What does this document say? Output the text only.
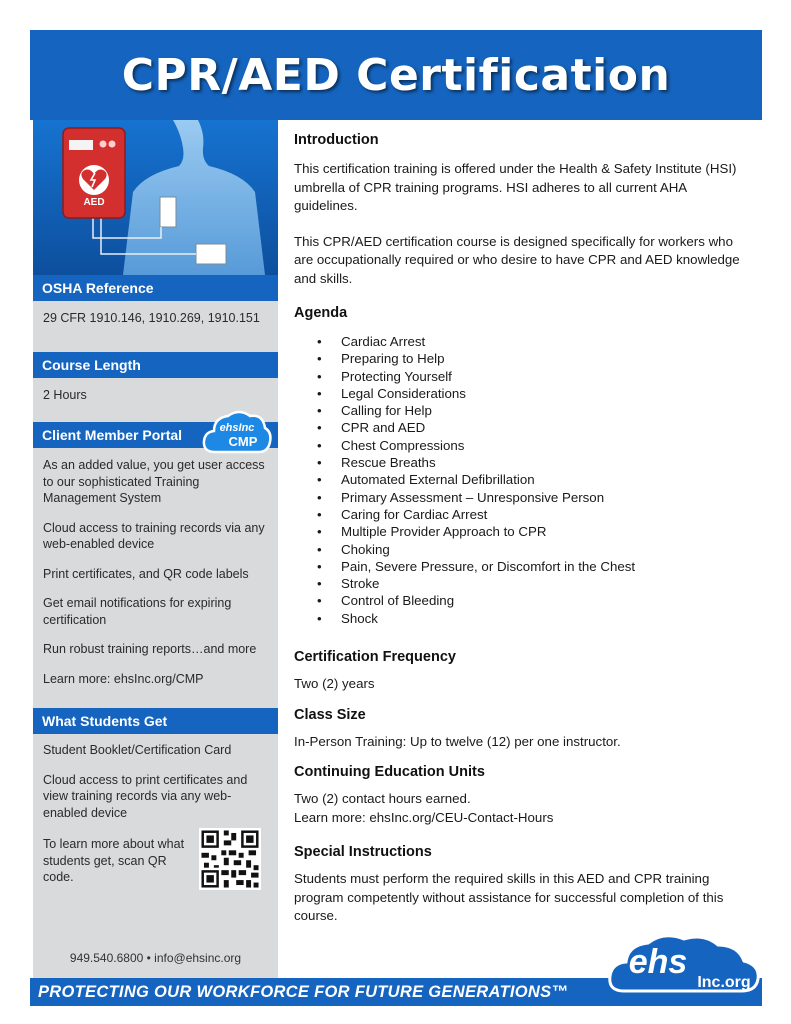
CPR/AED Certification
AED
OSHA Reference
29 CFR 1910.146, 1910.269, 1910.151
Course Length
2 Hours
Client Member Portal	ehsInc
CMP

As an added value, you get user access to our sophisticated Training Management System

Cloud access to training records via any web-enabled device

Print certificates, and QR code labels

Get email notifications for expiring certification

Run robust training reports…and more

Learn more: ehsInc.org/CMP

What Students Get

Student Booklet/Certification Card

Cloud access to print certificates and view training records via any web-enabled device

To learn more about what students get, scan QR code.
949.540.6800 • info@ehsinc.org
Introduction

This certification training is offered under the Health & Safety Institute (HSI) umbrella of CPR training programs. HSI adheres to all current AHA guidelines.

This CPR/AED certification course is designed specifically for workers who are occupationally required or who desire to have CPR and AED knowledge and skills.

Agenda
• Cardiac Arrest
• Preparing to Help
• Protecting Yourself
• Legal Considerations
• Calling for Help
• CPR and AED
• Chest Compressions
• Rescue Breaths
• Automated External Defibrillation
• Primary Assessment – Unresponsive Person
• Caring for Cardiac Arrest
• Multiple Provider Approach to CPR
• Choking
• Pain, Severe Pressure, or Discomfort in the Chest
• Stroke
• Control of Bleeding
• Shock
Certification Frequency

Two (2) years

Class Size

In-Person Training: Up to twelve (12) per one instructor.

Continuing Education Units

Two (2) contact hours earned.

Learn more: ehsInc.org/CEU-Contact-Hours

Special Instructions

Students must perform the required skills in this AED and CPR training program competently without assistance for successful completion of this course.

PROTECTING OUR WORKFORCE FOR FUTURE GENERATIONS™
ehs
Inc.org
